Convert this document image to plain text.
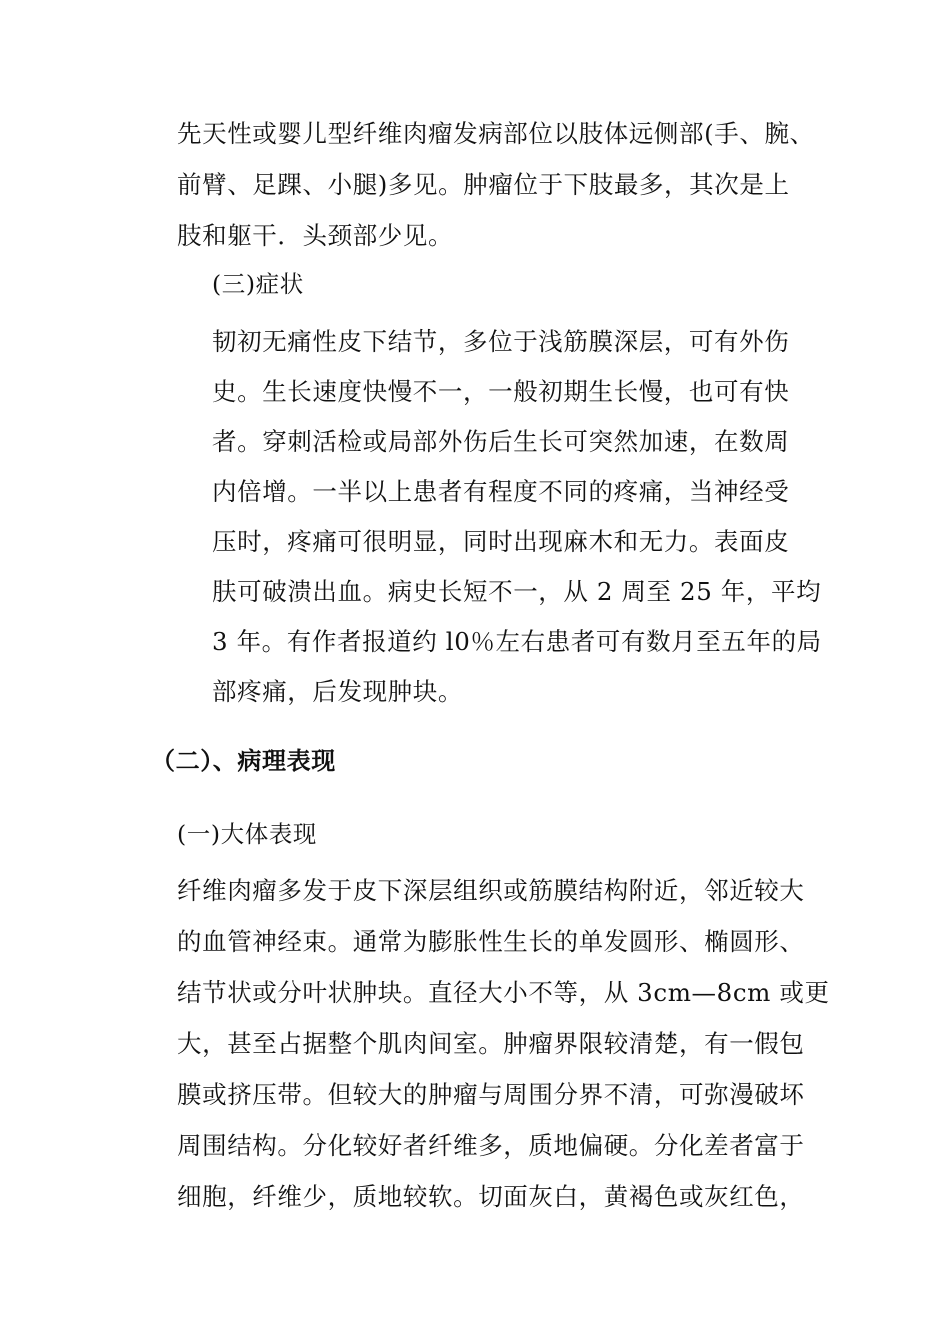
先天性或婴儿型纤维肉瘤发病部位以肢体远侧部(手、腕、
前臂、足踝、小腿)多见。肿瘤位于下肢最多，其次是上
肢和躯干．头颈部少见。
(三)症状
韧初无痛性皮下结节，多位于浅筋膜深层，可有外伤
史。生长速度快慢不一，一般初期生长慢，也可有快
者。穿刺活检或局部外伤后生长可突然加速，在数周
内倍增。一半以上患者有程度不同的疼痛，当神经受
压时，疼痛可很明显，同时出现麻木和无力。表面皮
肤可破溃出血。病史长短不一，从 2 周至 25 年，平均
3 年。有作者报道约 l0％左右患者可有数月至五年的局
部疼痛，后发现肿块。
（二）、病理表现
(一)大体表现
纤维肉瘤多发于皮下深层组织或筋膜结构附近，邻近较大
的血管神经束。通常为膨胀性生长的单发圆形、椭圆形、
结节状或分叶状肿块。直径大小不等，从 3cm—8cm 或更
大，甚至占据整个肌肉间室。肿瘤界限较清楚，有一假包
膜或挤压带。但较大的肿瘤与周围分界不清，可弥漫破坏
周围结构。分化较好者纤维多，质地偏硬。分化差者富于
细胞，纤维少，质地较软。切面灰白，黄褐色或灰红色，
